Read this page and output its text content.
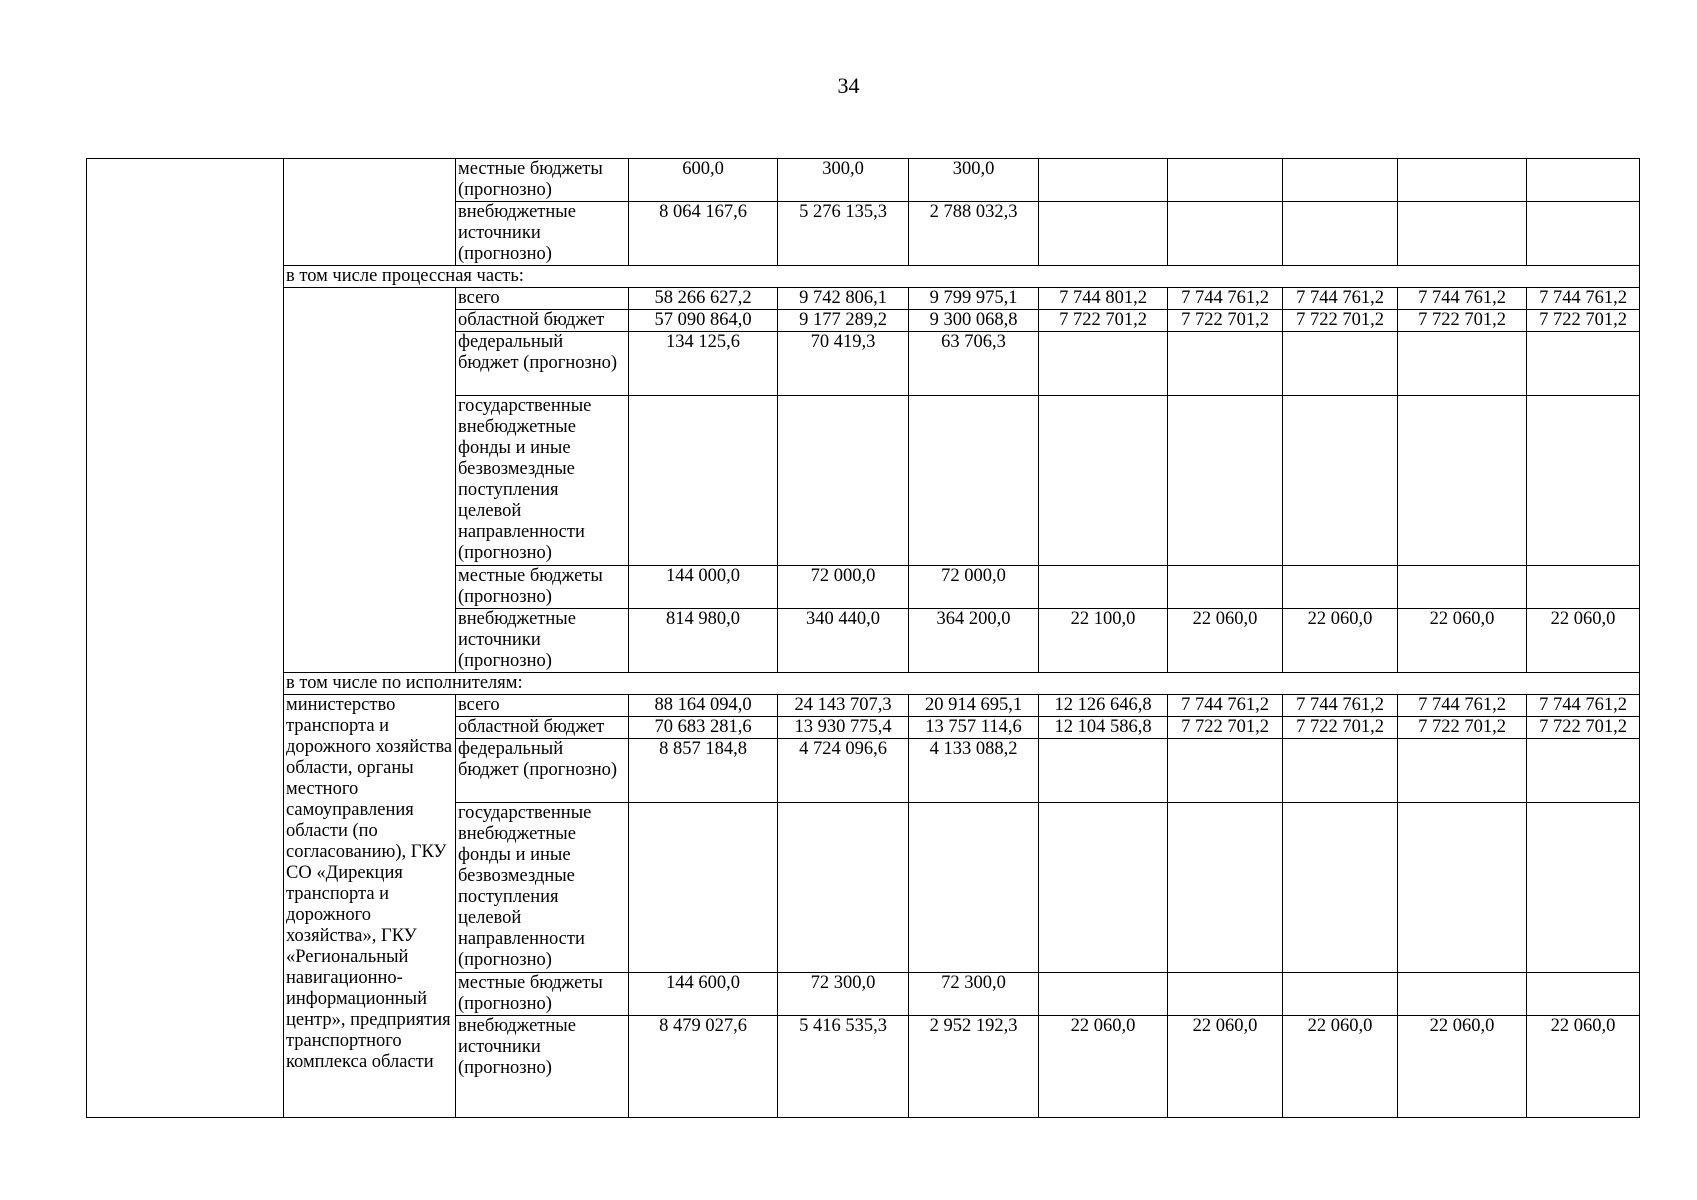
34
		местные бюджеты (прогнозно)	600,0	300,0	300,0					
		внебюджетные источники (прогнозно)	8 064 167,6	5 276 135,3	2 788 032,3					
	в том числе процессная часть:									
		всего	58 266 627,2	9 742 806,1	9 799 975,1	7 744 801,2	7 744 761,2	7 744 761,2	7 744 761,2	7 744 761,2
		областной бюджет	57 090 864,0	9 177 289,2	9 300 068,8	7 722 701,2	7 722 701,2	7 722 701,2	7 722 701,2	7 722 701,2
		федеральный бюджет (прогнозно)	134 125,6	70 419,3	63 706,3					
		государственные внебюджетные фонды и иные безвозмездные поступления целевой направленности (прогнозно)								
		местные бюджеты (прогнозно)	144 000,0	72 000,0	72 000,0					
		внебюджетные источники (прогнозно)	814 980,0	340 440,0	364 200,0	22 100,0	22 060,0	22 060,0	22 060,0	22 060,0
	в том числе по исполнителям:									
	министерство транспорта и дорожного хозяйства области, органы местного самоуправления области (по согласованию), ГКУ СО «Дирекция транспорта и дорожного хозяйства», ГКУ «Региональный навигационно-информационный центр», предприятия транспортного комплекса области	всего	88 164 094,0	24 143 707,3	20 914 695,1	12 126 646,8	7 744 761,2	7 744 761,2	7 744 761,2	7 744 761,2
		областной бюджет	70 683 281,6	13 930 775,4	13 757 114,6	12 104 586,8	7 722 701,2	7 722 701,2	7 722 701,2	7 722 701,2
		федеральный бюджет (прогнозно)	8 857 184,8	4 724 096,6	4 133 088,2					
		государственные внебюджетные фонды и иные безвозмездные поступления целевой направленности (прогнозно)								
		местные бюджеты (прогнозно)	144 600,0	72 300,0	72 300,0					
		внебюджетные источники (прогнозно)	8 479 027,6	5 416 535,3	2 952 192,3	22 060,0	22 060,0	22 060,0	22 060,0	22 060,0
